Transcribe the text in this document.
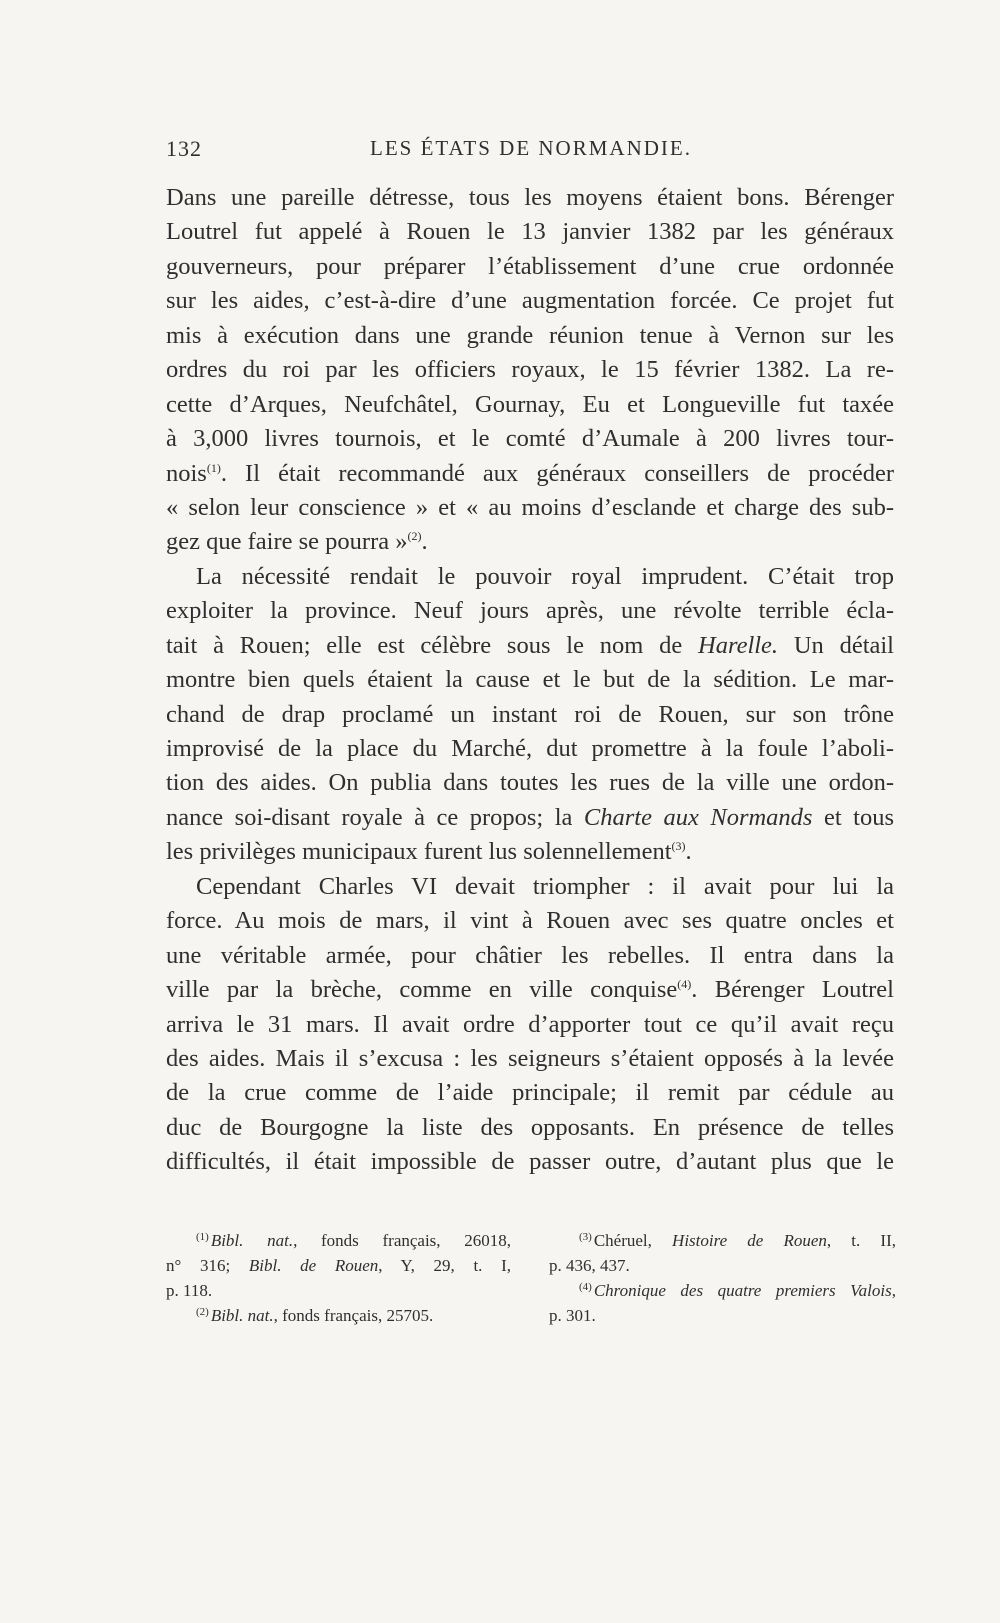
132	LES ÉTATS DE NORMANDIE.
Dans une pareille détresse, tous les moyens étaient bons. Bérenger
Loutrel fut appelé à Rouen le 13 janvier 1382 par les généraux
gouverneurs, pour préparer l’établissement d’une crue ordonnée
sur les aides, c’est-à-dire d’une augmentation forcée. Ce projet fut
mis à exécution dans une grande réunion tenue à Vernon sur les
ordres du roi par les officiers royaux, le 15 février 1382. La re-
cette d’Arques, Neufchâtel, Gournay, Eu et Longueville fut taxée
à 3,000 livres tournois, et le comté d’Aumale à 200 livres tour-
nois$^{(1)}$. Il était recommandé aux généraux conseillers de procéder
« selon leur conscience » et « au moins d’esclande et charge des sub-
gez que faire se pourra »$^{(2)}$.
La nécessité rendait le pouvoir royal imprudent. C’était trop
exploiter la province. Neuf jours après, une révolte terrible écla-
tait à Rouen; elle est célèbre sous le nom de Harelle. Un détail
montre bien quels étaient la cause et le but de la sédition. Le mar-
chand de drap proclamé un instant roi de Rouen, sur son trône
improvisé de la place du Marché, dut promettre à la foule l’aboli-
tion des aides. On publia dans toutes les rues de la ville une ordon-
nance soi-disant royale à ce propos; la Charte aux Normands et tous
les privilèges municipaux furent lus solennellement$^{(3)}$.
Cependant Charles VI devait triompher : il avait pour lui la
force. Au mois de mars, il vint à Rouen avec ses quatre oncles et
une véritable armée, pour châtier les rebelles. Il entra dans la
ville par la brèche, comme en ville conquise$^{(4)}$. Bérenger Loutrel
arriva le 31 mars. Il avait ordre d’apporter tout ce qu’il avait reçu
des aides. Mais il s’excusa : les seigneurs s’étaient opposés à la levée
de la crue comme de l’aide principale; il remit par cédule au
duc de Bourgogne la liste des opposants. En présence de telles
difficultés, il était impossible de passer outre, d’autant plus que le
$^{(1)}$ Bibl. nat., fonds français, 26018,
n° 316; Bibl. de Rouen, Y, 29, t. I,
p. 118.
$^{(2)}$ Bibl. nat., fonds français, 25705.
$^{(3)}$ Chéruel, Histoire de Rouen, t. II,
p. 436, 437.
$^{(4)}$ Chronique des quatre premiers Valois,
p. 301.
